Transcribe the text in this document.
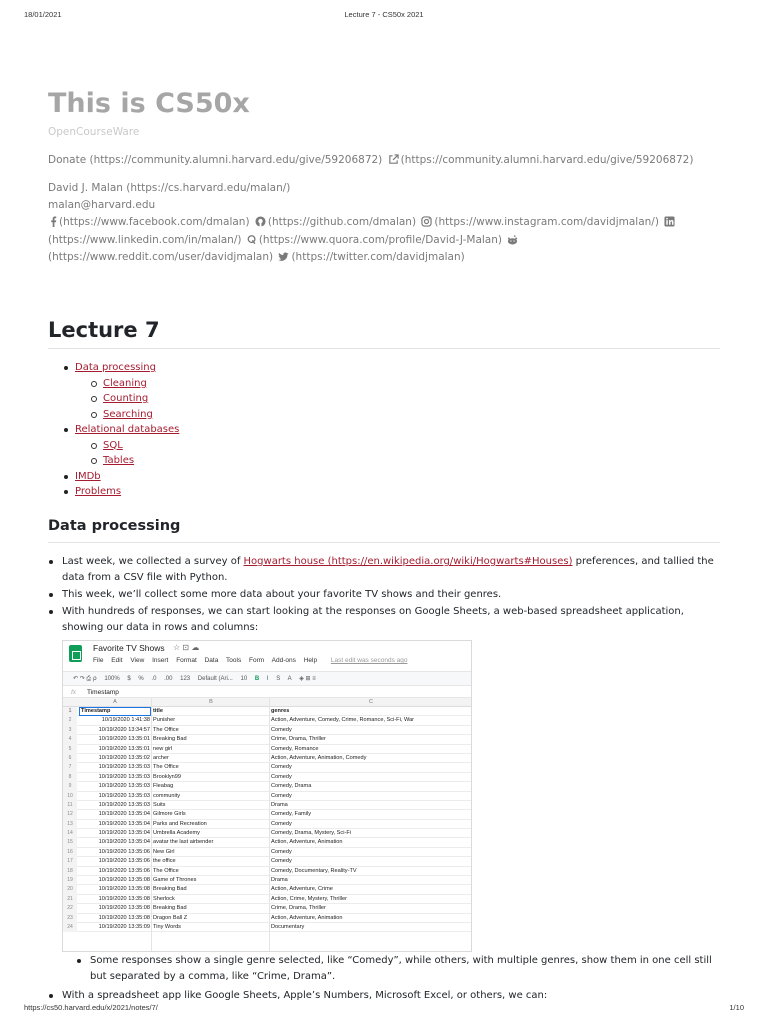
18/01/2021	Lecture 7 - CS50x 2021
This is CS50x
OpenCourseWare
Donate (https://community.alumni.harvard.edu/give/59206872) (https://community.alumni.harvard.edu/give/59206872)
David J. Malan (https://cs.harvard.edu/malan/)
malan@harvard.edu
(https://www.facebook.com/dmalan) (https://github.com/dmalan) (https://www.instagram.com/davidjmalan/)
(https://www.linkedin.com/in/malan/) (https://www.quora.com/profile/David-J-Malan)
(https://www.reddit.com/user/davidjmalan) (https://twitter.com/davidjmalan)
Lecture 7
Data processing
Cleaning
Counting
Searching
Relational databases
SQL
Tables
IMDb
Problems
Data processing
Last week, we collected a survey of Hogwarts house (https://en.wikipedia.org/wiki/Hogwarts#Houses) preferences, and tallied the data from a CSV file with Python.
This week, we’ll collect some more data about your favorite TV shows and their genres.
With hundreds of responses, we can start looking at the responses on Google Sheets, a web-based spreadsheet application, showing our data in rows and columns:
Favorite TV Shows ☆ ⊡ ☁
File Edit View Insert Format Data Tools Form Add-ons Help Last edit was seconds ago
↶ ↷ ⎙ ⍴ 100% $ % .0 .00 123 Default (Ari... 10 B I S A ◈ ⊞ ≡
fx Timestamp
A	B	C
1	Timestamp	title	genres
2	10/19/2020 1:41:38 Punisher	Action, Adventure, Comedy, Crime, Romance, Sci-Fi, War
3	10/19/2020 13:34:57 The Office	Comedy
4	10/19/2020 13:35:01 Breaking Bad	Crime, Drama, Thriller
5	10/19/2020 13:35:01 new girl	Comedy, Romance
6	10/19/2020 13:35:02 archer	Action, Adventure, Animation, Comedy
7	10/19/2020 13:35:03 The Office	Comedy
8	10/19/2020 13:35:03 Brooklyn99	Comedy
9	10/19/2020 13:35:03 Fleabag	Comedy, Drama
10	10/19/2020 13:35:03 community	Comedy
11	10/19/2020 13:35:03 Suits	Drama
12	10/19/2020 13:35:04 Gilmore Girls	Comedy, Family
13	10/19/2020 13:35:04 Parks and Recreation	Comedy
14	10/19/2020 13:35:04 Umbrella Academy	Comedy, Drama, Mystery, Sci-Fi
15	10/19/2020 13:35:04 avatar the last airbender	Action, Adventure, Animation
16	10/19/2020 13:35:06 New Girl	Comedy
17	10/19/2020 13:35:06 the office	Comedy
18	10/19/2020 13:35:06 The Office	Comedy, Documentary, Reality-TV
19	10/19/2020 13:35:08 Game of Thrones	Drama
20	10/19/2020 13:35:08 Breaking Bad	Action, Adventure, Crime
21	10/19/2020 13:35:08 Sherlock	Action, Crime, Mystery, Thriller
22	10/19/2020 13:35:08 Breaking Bad	Crime, Drama, Thriller
23	10/19/2020 13:35:08 Dragon Ball Z	Action, Adventure, Animation
24	10/19/2020 13:35:09 Tiny Words	Documentary
Some responses show a single genre selected, like “Comedy”, while others, with multiple genres, show them in one cell still but separated by a comma, like “Crime, Drama”.
With a spreadsheet app like Google Sheets, Apple’s Numbers, Microsoft Excel, or others, we can:
https://cs50.harvard.edu/x/2021/notes/7/	1/10
